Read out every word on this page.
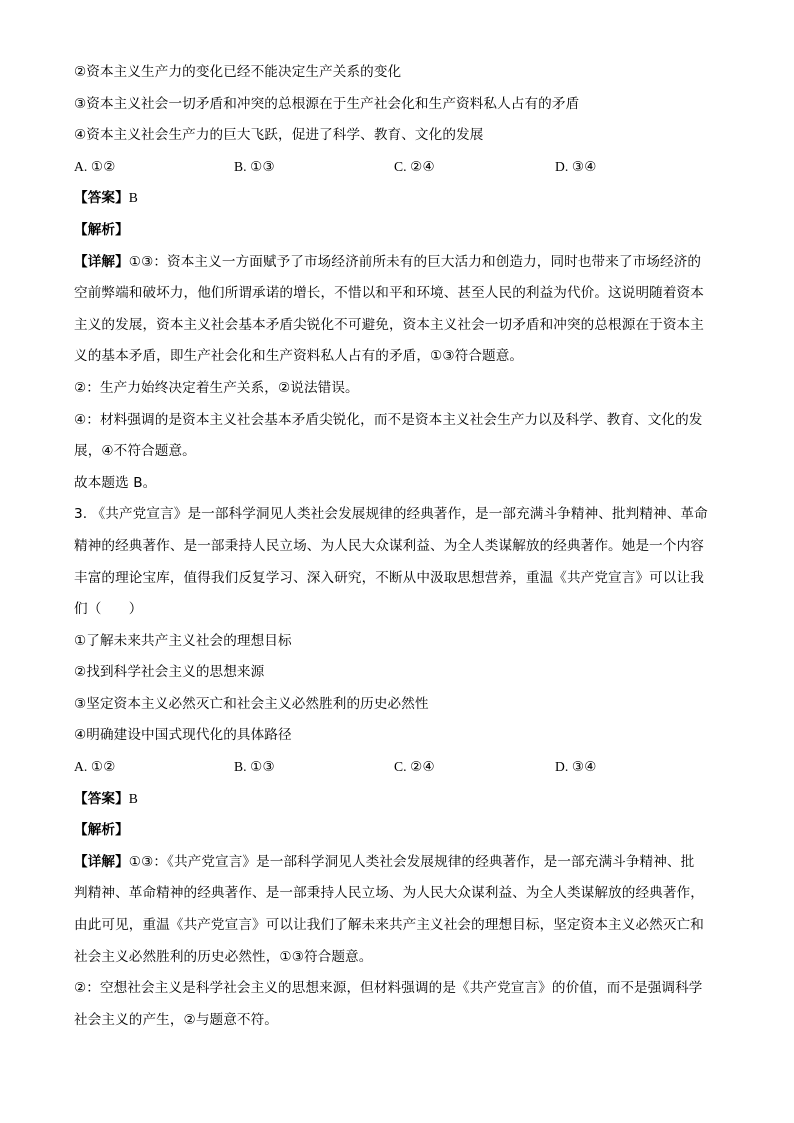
②资本主义生产力的变化已经不能决定生产关系的变化
③资本主义社会一切矛盾和冲突的总根源在于生产社会化和生产资料私人占有的矛盾
④资本主义社会生产力的巨大飞跃，促进了科学、教育、文化的发展
A. ①②	B. ①③	C. ②④	D. ③④
【答案】B
【解析】
【详解】①③：资本主义一方面赋予了市场经济前所未有的巨大活力和创造力，同时也带来了市场经济的
空前弊端和破坏力，他们所谓承诺的增长，不惜以和平和环境、甚至人民的利益为代价。这说明随着资本
主义的发展，资本主义社会基本矛盾尖锐化不可避免，资本主义社会一切矛盾和冲突的总根源在于资本主
义的基本矛盾，即生产社会化和生产资料私人占有的矛盾，①③符合题意。
②：生产力始终决定着生产关系，②说法错误。
④：材料强调的是资本主义社会基本矛盾尖锐化，而不是资本主义社会生产力以及科学、教育、文化的发
展，④不符合题意。
故本题选 B。
3. 《共产党宣言》是一部科学洞见人类社会发展规律的经典著作，是一部充满斗争精神、批判精神、革命
精神的经典著作、是一部秉持人民立场、为人民大众谋利益、为全人类谋解放的经典著作。她是一个内容
丰富的理论宝库，值得我们反复学习、深入研究，不断从中汲取思想营养，重温《共产党宣言》可以让我
们（　　）
①了解未来共产主义社会的理想目标
②找到科学社会主义的思想来源
③坚定资本主义必然灭亡和社会主义必然胜利的历史必然性
④明确建设中国式现代化的具体路径
A. ①②	B. ①③	C. ②④	D. ③④
【答案】B
【解析】
【详解】①③：《共产党宣言》是一部科学洞见人类社会发展规律的经典著作，是一部充满斗争精神、批
判精神、革命精神的经典著作、是一部秉持人民立场、为人民大众谋利益、为全人类谋解放的经典著作，
由此可见，重温《共产党宣言》可以让我们了解未来共产主义社会的理想目标，坚定资本主义必然灭亡和
社会主义必然胜利的历史必然性，①③符合题意。
②：空想社会主义是科学社会主义的思想来源，但材料强调的是《共产党宣言》的价值，而不是强调科学
社会主义的产生，②与题意不符。
